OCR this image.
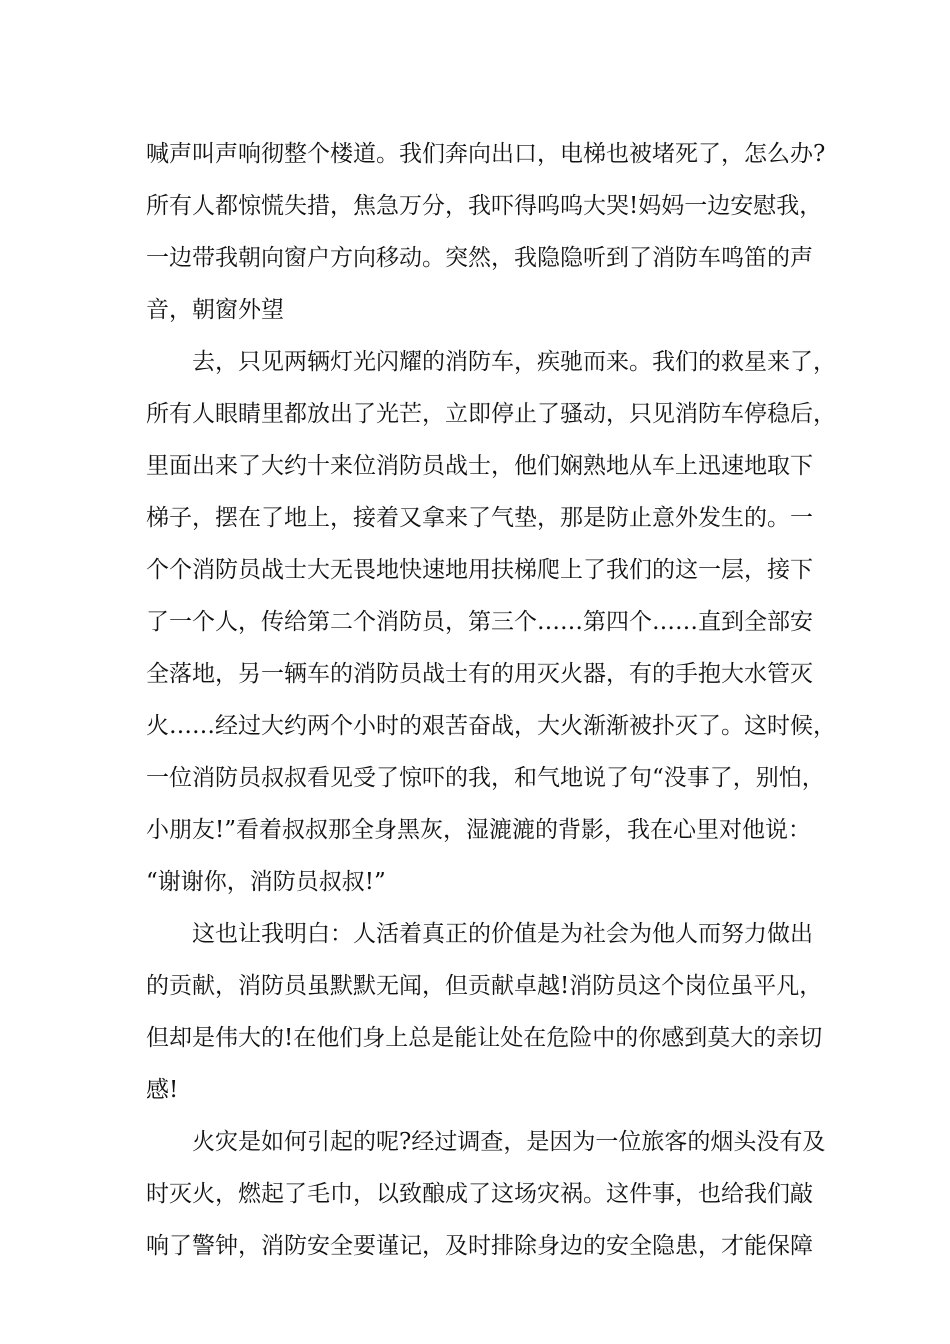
喊声叫声响彻整个楼道。我们奔向出口，电梯也被堵死了，怎么办?
所有人都惊慌失措，焦急万分，我吓得呜呜大哭!妈妈一边安慰我，
一边带我朝向窗户方向移动。突然，我隐隐听到了消防车鸣笛的声
音，朝窗外望
去，只见两辆灯光闪耀的消防车，疾驰而来。我们的救星来了，
所有人眼睛里都放出了光芒，立即停止了骚动，只见消防车停稳后，
里面出来了大约十来位消防员战士，他们娴熟地从车上迅速地取下
梯子，摆在了地上，接着又拿来了气垫，那是防止意外发生的。一
个个消防员战士大无畏地快速地用扶梯爬上了我们的这一层，接下
了一个人，传给第二个消防员，第三个……第四个……直到全部安
全落地，另一辆车的消防员战士有的用灭火器，有的手抱大水管灭
火……经过大约两个小时的艰苦奋战，大火渐渐被扑灭了。这时候，
一位消防员叔叔看见受了惊吓的我，和气地说了句“没事了，别怕，
小朋友!”看着叔叔那全身黑灰，湿漉漉的背影，我在心里对他说：
“谢谢你，消防员叔叔!”
这也让我明白：人活着真正的价值是为社会为他人而努力做出
的贡献，消防员虽默默无闻，但贡献卓越!消防员这个岗位虽平凡，
但却是伟大的!在他们身上总是能让处在危险中的你感到莫大的亲切
感!
火灾是如何引起的呢?经过调查，是因为一位旅客的烟头没有及
时灭火，燃起了毛巾，以致酿成了这场灾祸。这件事，也给我们敲
响了警钟，消防安全要谨记，及时排除身边的安全隐患，才能保障
